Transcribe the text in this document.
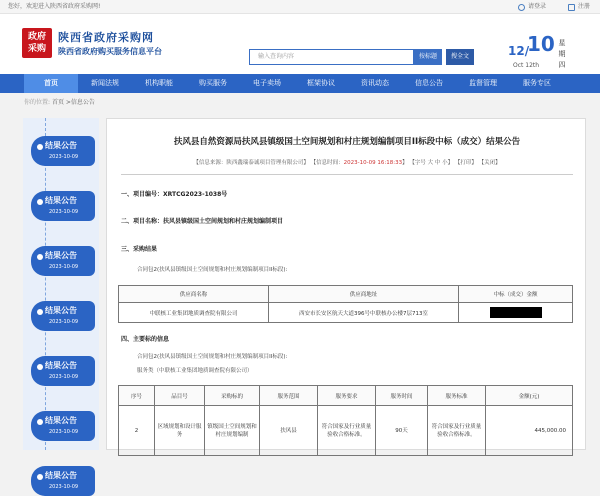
您好，欢迎进入陕西省政府采购网!	请登录	注册
政府
采购
陕西省政府采购网
陕西省政府购买服务信息平台
输入查询内容	按标题	搜全文	12/
10
Oct 12th
星期四
首页	新闻法规	机构职能	购买服务	电子卖场	框架协议	资讯动态	信息公告	监督管理	服务专区
你的位置: 首页 >信息公告
结果公告
2023-10-09
结果公告
2023-10-09
结果公告
2023-10-09
结果公告
2023-10-09
结果公告
2023-10-09
结果公告
2023-10-09
结果公告
2023-10-09
扶风县自然资源局扶风县镇级国土空间规划和村庄规划编制项目II标段中标（成交）结果公告
【信息来源：陕西鑫瑞泰诚项目管理有限公司】 【信息时间：2023-10-09 16:18:33】 【字号 大 中 小】 【打印】 【关闭】
一、项目编号：XRTCG2023-1038号
二、项目名称：扶风县镇级国土空间规划和村庄规划编制项目
三、采购结果
合同包2(扶风县镇级国土空间规划和村庄规划编制项目II标段):
供应商名称	供应商地址	中标（成交）金额
中联核工业集团地质调查院有限公司	西安市长安区航天大道396号中联核办公楼7层713室	
四、主要标的信息
合同包2(扶风县镇级国土空间规划和村庄规划编制项目II标段):
服务类（中联核工业集团地质调查院有限公司）
序号	品目号	采购标的	服务范围	服务要求	服务时间	服务标准	金额(元)
2	区域规划和设计服务	镇级国土空间规划和村庄规划编制	扶风县	符合国家及行业质量验收合格标准。	90天	符合国家及行业质量验收合格标准。	445,000.00
